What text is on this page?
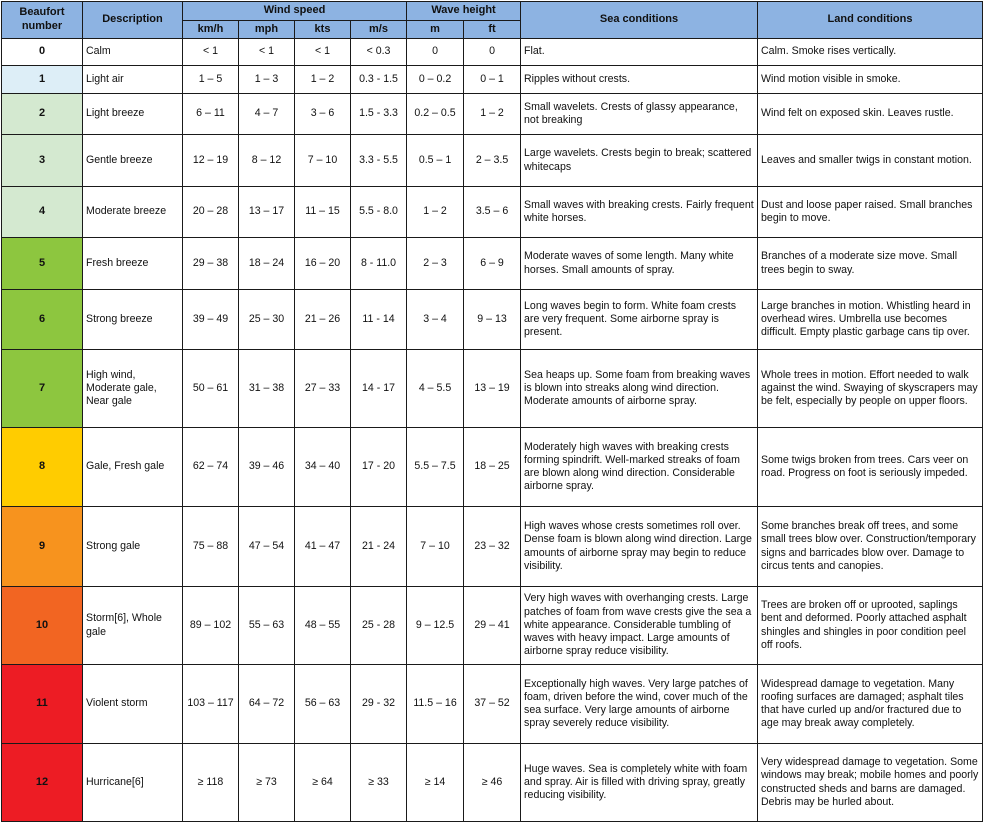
Beaufort number	Description	Wind speed				Wave height		Sea conditions	Land conditions
		km/h	mph	kts	m/s	m	ft		
0	Calm	< 1	< 1	< 1	< 0.3	0	0	Flat.	Calm. Smoke rises vertically.
1	Light air	1 – 5	1 – 3	1 – 2	0.3 - 1.5	0 – 0.2	0 – 1	Ripples without crests.	Wind motion visible in smoke.
2	Light breeze	6 – 11	4 – 7	3 – 6	1.5 - 3.3	0.2 – 0.5	1 – 2	Small wavelets. Crests of glassy appearance, not breaking	Wind felt on exposed skin. Leaves rustle.
3	Gentle breeze	12 – 19	8 – 12	7 – 10	3.3 - 5.5	0.5 – 1	2 – 3.5	Large wavelets. Crests begin to break; scattered whitecaps	Leaves and smaller twigs in constant motion.
4	Moderate breeze	20 – 28	13 – 17	11 – 15	5.5 - 8.0	1 – 2	3.5 – 6	Small waves with breaking crests. Fairly frequent white horses.	Dust and loose paper raised. Small branches begin to move.
5	Fresh breeze	29 – 38	18 – 24	16 – 20	8 - 11.0	2 – 3	6 – 9	Moderate waves of some length. Many white horses. Small amounts of spray.	Branches of a moderate size move. Small trees begin to sway.
6	Strong breeze	39 – 49	25 – 30	21 – 26	11 - 14	3 – 4	9 – 13	Long waves begin to form. White foam crests are very frequent. Some airborne spray is present.	Large branches in motion. Whistling heard in overhead wires. Umbrella use becomes difficult. Empty plastic garbage cans tip over.
7	High wind, Moderate gale, Near gale	50 – 61	31 – 38	27 – 33	14 - 17	4 – 5.5	13 – 19	Sea heaps up. Some foam from breaking waves is blown into streaks along wind direction. Moderate amounts of airborne spray.	Whole trees in motion. Effort needed to walk against the wind. Swaying of skyscrapers may be felt, especially by people on upper floors.
8	Gale, Fresh gale	62 – 74	39 – 46	34 – 40	17 - 20	5.5 – 7.5	18 – 25	Moderately high waves with breaking crests forming spindrift. Well-marked streaks of foam are blown along wind direction. Considerable airborne spray.	Some twigs broken from trees. Cars veer on road. Progress on foot is seriously impeded.
9	Strong gale	75 – 88	47 – 54	41 – 47	21 - 24	7 – 10	23 – 32	High waves whose crests sometimes roll over. Dense foam is blown along wind direction. Large amounts of airborne spray may begin to reduce visibility.	Some branches break off trees, and some small trees blow over. Construction/temporary signs and barricades blow over. Damage to circus tents and canopies.
10	Storm[6], Whole gale	89 – 102	55 – 63	48 – 55	25 - 28	9 – 12.5	29 – 41	Very high waves with overhanging crests. Large patches of foam from wave crests give the sea a white appearance. Considerable tumbling of waves with heavy impact. Large amounts of airborne spray reduce visibility.	Trees are broken off or uprooted, saplings bent and deformed. Poorly attached asphalt shingles and shingles in poor condition peel off roofs.
11	Violent storm	103 – 117	64 – 72	56 – 63	29 - 32	11.5 – 16	37 – 52	Exceptionally high waves. Very large patches of foam, driven before the wind, cover much of the sea surface. Very large amounts of airborne spray severely reduce visibility.	Widespread damage to vegetation. Many roofing surfaces are damaged; asphalt tiles that have curled up and/or fractured due to age may break away completely.
12	Hurricane[6]	≥ 118	≥ 73	≥ 64	≥ 33	≥ 14	≥ 46	Huge waves. Sea is completely white with foam and spray. Air is filled with driving spray, greatly reducing visibility.	Very widespread damage to vegetation. Some windows may break; mobile homes and poorly constructed sheds and barns are damaged. Debris may be hurled about.
